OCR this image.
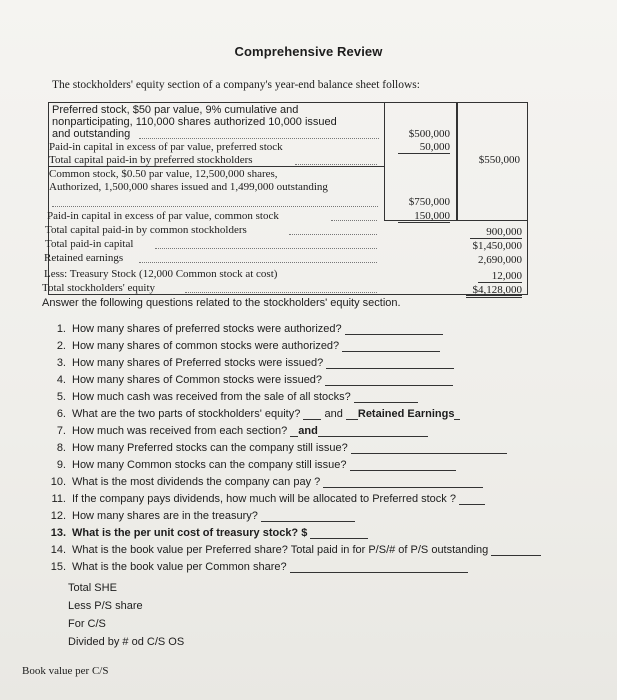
Comprehensive Review
The stockholders' equity section of a company's year-end balance sheet follows:
Preferred stock, $50 par value, 9% cumulative and
nonparticipating, 110,000 shares authorized 10,000 issued
and outstanding	$500,000
Paid-in capital in excess of par value, preferred stock	50,000
Total capital paid-in by preferred stockholders	$550,000
Common stock, $0.50 par value, 12,500,000 shares,
Authorized, 1,500,000 shares issued and 1,499,000 outstanding
$750,000
Paid-in capital in excess of par value, common stock	150,000
Total capital paid-in by common stockholders	900,000
Total paid-in capital	$1,450,000
Retained earnings	2,690,000
Less: Treasury Stock (12,000 Common stock at cost)	12,000
Total stockholders' equity	$4,128,000
Answer the following questions related to the stockholders' equity section.
1. How many shares of preferred stocks were authorized?
2. How many shares of common stocks were authorized?
3. How many shares of Preferred stocks were issued?
4. How many shares of Common stocks were issued?
5. How much cash was received from the sale of all stocks?
6. What are the two parts of stockholders' equity? and Retained Earnings
7. How much was received from each section? and
8. How many Preferred stocks can the company still issue?
9. How many Common stocks can the company still issue?
10. What is the most dividends the company can pay ?
11. If the company pays dividends, how much will be allocated to Preferred stock ?
12. How many shares are in the treasury?
13. What is the per unit cost of treasury stock? $
14. What is the book value per Preferred share? Total paid in for P/S/# of P/S outstanding
15. What is the book value per Common share?
Total SHE
Less P/S share
For C/S
Divided by # od C/S OS
Book value per C/S
